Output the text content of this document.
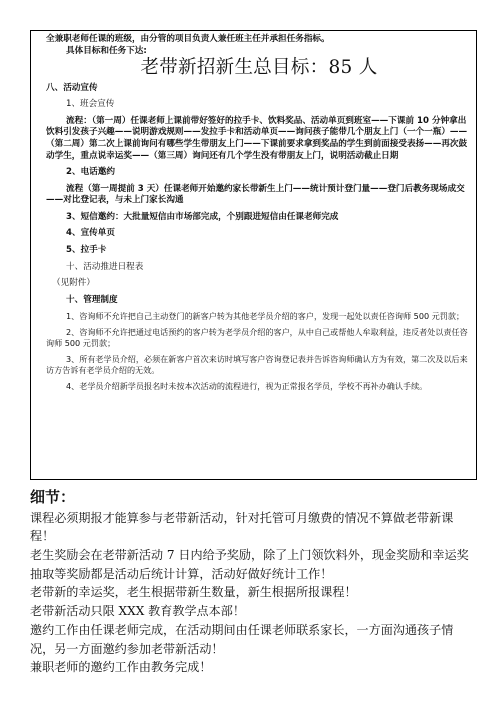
全兼职老师任课的班级，由分管的项目负责人兼任班主任并承担任务指标。

具体目标和任务下达:

老带新招新生总目标：85 人

八、活动宣传

1、班会宣传

流程：（第一周）任课老师上课前带好签好的拉手卡、饮料奖品、活动单页到班室——下课前 10 分钟拿出饮料引发孩子兴趣——说明游戏规则——发拉手卡和活动单页——询问孩子能带几个朋友上门（一个一瓶）——（第二周）第二次上课前询问有哪些学生带朋友上门——下课前要求拿到奖品的学生到前面接受表扬——再次鼓动学生，重点说幸运奖——（第三周）询问还有几个学生没有带朋友上门，说明活动截止日期

2、电话邀约

流程（第一周提前 3 天）任课老师开始邀约家长带新生上门——统计预计登门量——登门后教务现场成交——对比登记表，与未上门家长沟通

3、短信邀约：大批量短信由市场部完成，个别跟进短信由任课老师完成

4、宣传单页

5、拉手卡

十、活动推进日程表

（见附件）

十、管理制度

1、咨询师不允许把自己主动登门的新客户转为其他老学员介绍的客户，发现一起处以责任咨询师 500 元罚款；

2、咨询师不允许把通过电话预约的客户转为老学员介绍的客户，从中自己或帮他人牟取利益，违反者处以责任咨询师 500 元罚款；

3、所有老学员介绍，必须在新客户首次来访时填写客户咨询登记表并告诉咨询师确认方为有效，第二次及以后来访方告诉有老学员介绍的无效。

4、老学员介绍新学员报名时未按本次活动的流程进行，视为正常报名学员，学校不再补办确认手续。

细节：

课程必须期报才能算参与老带新活动，针对托管可月缴费的情况不算做老带新课程！

老生奖励会在老带新活动 7 日内给予奖励，除了上门领饮料外，现金奖励和幸运奖抽取等奖励都是活动后统计计算，活动好做好统计工作！

老带新的幸运奖，老生根据带新生数量，新生根据所报课程！

老带新活动只限 XXX 教育教学点本部！

邀约工作由任课老师完成，在活动期间由任课老师联系家长，一方面沟通孩子情况，另一方面邀约参加老带新活动！

兼职老师的邀约工作由教务完成！
